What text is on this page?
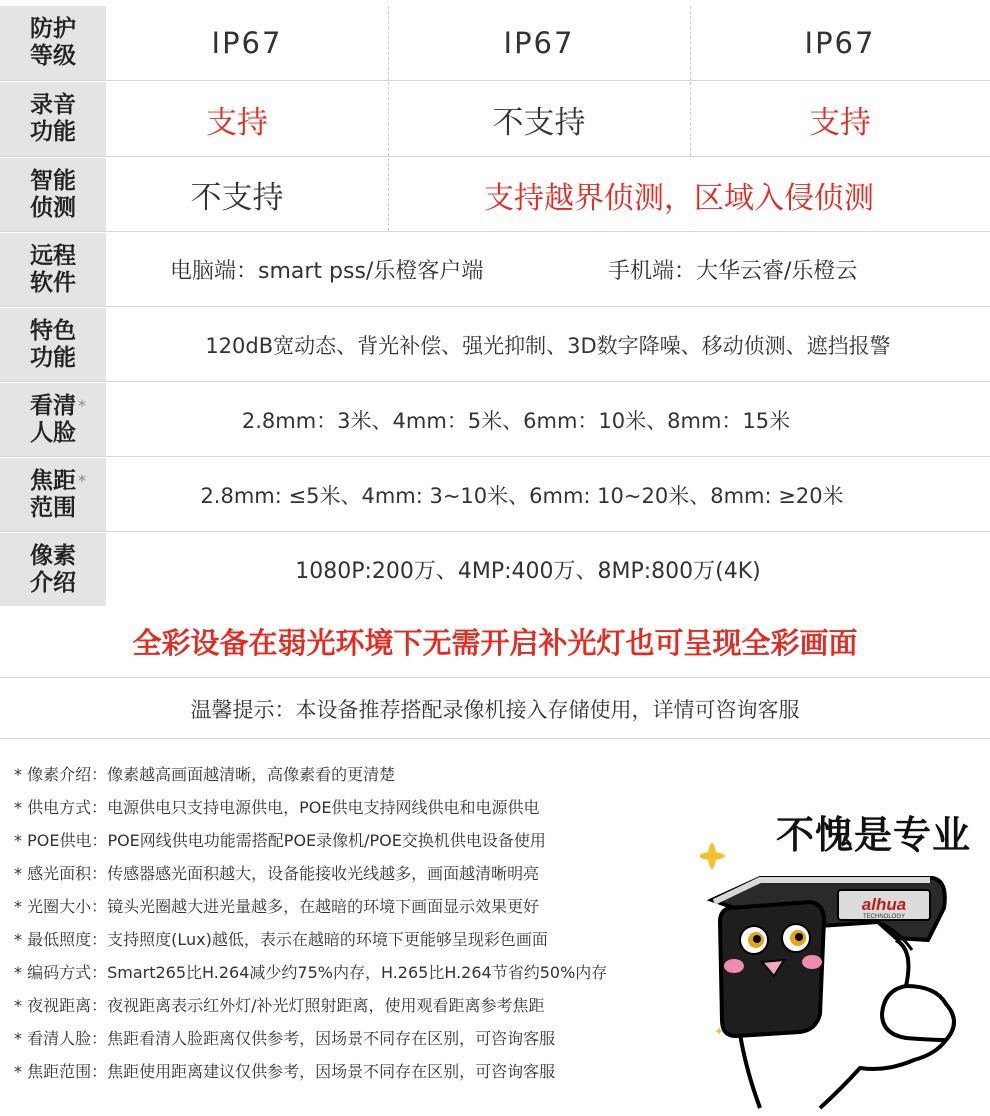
防护
等级	IP67	IP67	IP67
录音
功能	支持	不支持	支持
智能
侦测	不支持	支持越界侦测，区域入侵侦测
远程
软件	电脑端：smart pss/乐橙客户端	手机端：大华云睿/乐橙云
特色
功能	120dB宽动态、背光补偿、强光抑制、3D数字降噪、移动侦测、遮挡报警
*
看清
人脸	2.8mm：3米、4mm：5米、6mm：10米、8mm：15米
*
焦距
范围	2.8mm: ≤5米、4mm: 3~10米、6mm: 10~20米、8mm: ≥20米
像素
介绍	1080P:200万、4MP:400万、8MP:800万(4K)
全彩设备在弱光环境下无需开启补光灯也可呈现全彩画面
温馨提示：本设备推荐搭配录像机接入存储使用，详情可咨询客服
* 像素介绍：像素越高画面越清晰，高像素看的更清楚
* 供电方式：电源供电只支持电源供电，POE供电支持网线供电和电源供电
* POE供电：POE网线供电功能需搭配POE录像机/POE交换机供电设备使用
* 感光面积：传感器感光面积越大，设备能接收光线越多，画面越清晰明亮
* 光圈大小：镜头光圈越大进光量越多，在越暗的环境下画面显示效果更好
* 最低照度：支持照度(Lux)越低，表示在越暗的环境下更能够呈现彩色画面
* 编码方式：Smart265比H.264减少约75%内存，H.265比H.264节省约50%内存
* 夜视距离：夜视距离表示红外灯/补光灯照射距离，使用观看距离参考焦距
* 看清人脸：焦距看清人脸距离仅供参考，因场景不同存在区别，可咨询客服
* 焦距范围：焦距使用距离建议仅供参考，因场景不同存在区别，可咨询客服
不愧是专业
alhua
TECHNOLOGY
